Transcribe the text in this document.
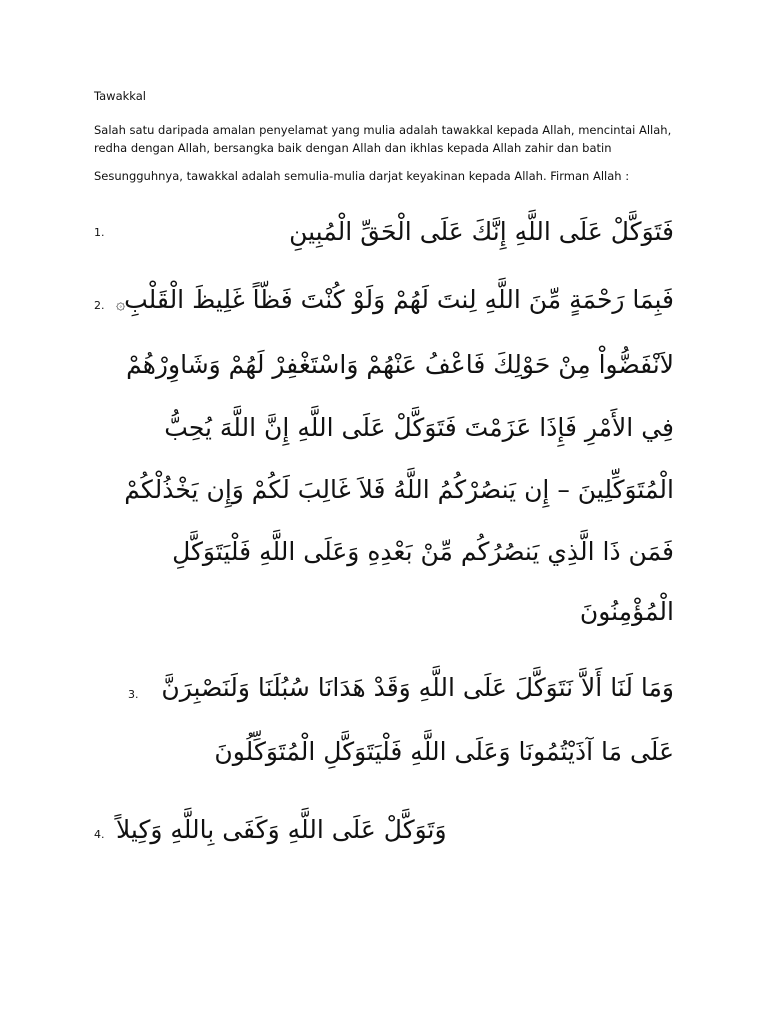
Tawakkal
Salah satu daripada amalan penyelamat yang mulia adalah tawakkal kepada Allah, mencintai Allah,
redha dengan Allah, bersangka baik dengan Allah dan ikhlas kepada Allah zahir dan batin
Sesungguhnya, tawakkal adalah semulia-mulia darjat keyakinan kepada Allah. Firman Allah :
1.	فَتَوَكَّلْ عَلَى اللَّهِ إِنَّكَ عَلَى الْحَقِّ الْمُبِينِ
2. ۞
فَبِمَا رَحْمَةٍ مِّنَ اللَّهِ لِنتَ لَهُمْ وَلَوْ كُنْتَ فَظّاً غَلِيظَ الْقَلْبِ
لاَنْفَضُّواْ مِنْ حَوْلِكَ فَاعْفُ عَنْهُمْ وَاسْتَغْفِرْ لَهُمْ وَشَاوِرْهُمْ
فِي الأَمْرِ فَإِذَا عَزَمْتَ فَتَوَكَّلْ عَلَى اللَّهِ إِنَّ اللَّهَ يُحِبُّ
الْمُتَوَكِّلِينَ – إِن يَنصُرْكُمُ اللَّهُ فَلاَ غَالِبَ لَكُمْ وَإِن يَخْذُلْكُمْ
فَمَن ذَا الَّذِي يَنصُرُكُم مِّنْ بَعْدِهِ وَعَلَى اللَّهِ فَلْيَتَوَكَّلِ
الْمُؤْمِنُونَ
3. وَمَا لَنَا أَلاَّ نَتَوَكَّلَ عَلَى اللَّهِ وَقَدْ هَدَانَا سُبُلَنَا وَلَنَصْبِرَنَّ
عَلَى مَا آذَيْتُمُونَا وَعَلَى اللَّهِ فَلْيَتَوَكَّلِ الْمُتَوَكِّلُونَ
4. وَتَوَكَّلْ عَلَى اللَّهِ وَكَفَى بِاللَّهِ وَكِيلاً
